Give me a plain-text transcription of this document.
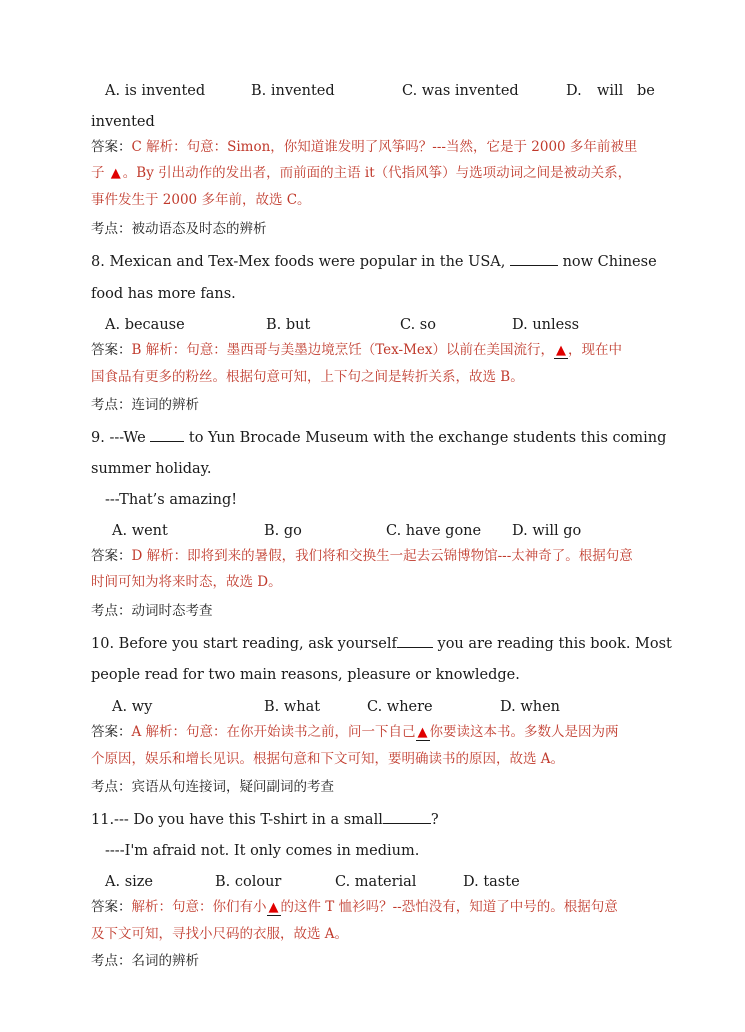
A. is invented	B. invented	C. was invented	D. will be
invented
答案：C 解析：句意：Simon，你知道谁发明了风筝吗？---当然，它是于 2000 多年前被里
子 ▲ 。By 引出动作的发出者，而前面的主语 it（代指风筝）与选项动词之间是被动关系，
事件发生于 2000 多年前，故选 C。
考点：被动语态及时态的辨析
8. Mexican and Tex-Mex foods were popular in the USA,	now Chinese
food has more fans.
A. because	B. but	C. so	D. unless
答案：B 解析：句意：墨西哥与美墨边境烹饪（Tex-Mex）以前在美国流行， ▲ ，现在中
国食品有更多的粉丝。根据句意可知，上下句之间是转折关系，故选 B。
考点：连词的辨析
9. ---We	to Yun Brocade Museum with the exchange students this coming
summer holiday.
---That’s amazing!
A. went	B. go	C. have gone D. will go
答案：D 解析：即将到来的暑假，我们将和交换生一起去云锦博物馆---太神奇了。根据句意
时间可知为将来时态，故选 D。
考点：动词时态考查
10. Before you start reading, ask yourself	you are reading this book. Most
people read for two main reasons, pleasure or knowledge.
A. wy	B. what	C. where	D. when
答案：A 解析：句意：在你开始读书之前，问一下自己 ▲ 你要读这本书。多数人是因为两
个原因，娱乐和增长见识。根据句意和下文可知，要明确读书的原因，故选 A。
考点：宾语从句连接词，疑问副词的考查
11.--- Do you have this T-shirt in a small	?
----I'm afraid not. It only comes in medium.
A. size	B. colour	C. material	D. taste
答案：解析：句意：你们有小 ▲ 的这件 T 恤衫吗？--恐怕没有，知道了中号的。根据句意
及下文可知，寻找小尺码的衣服，故选 A。
考点：名词的辨析
